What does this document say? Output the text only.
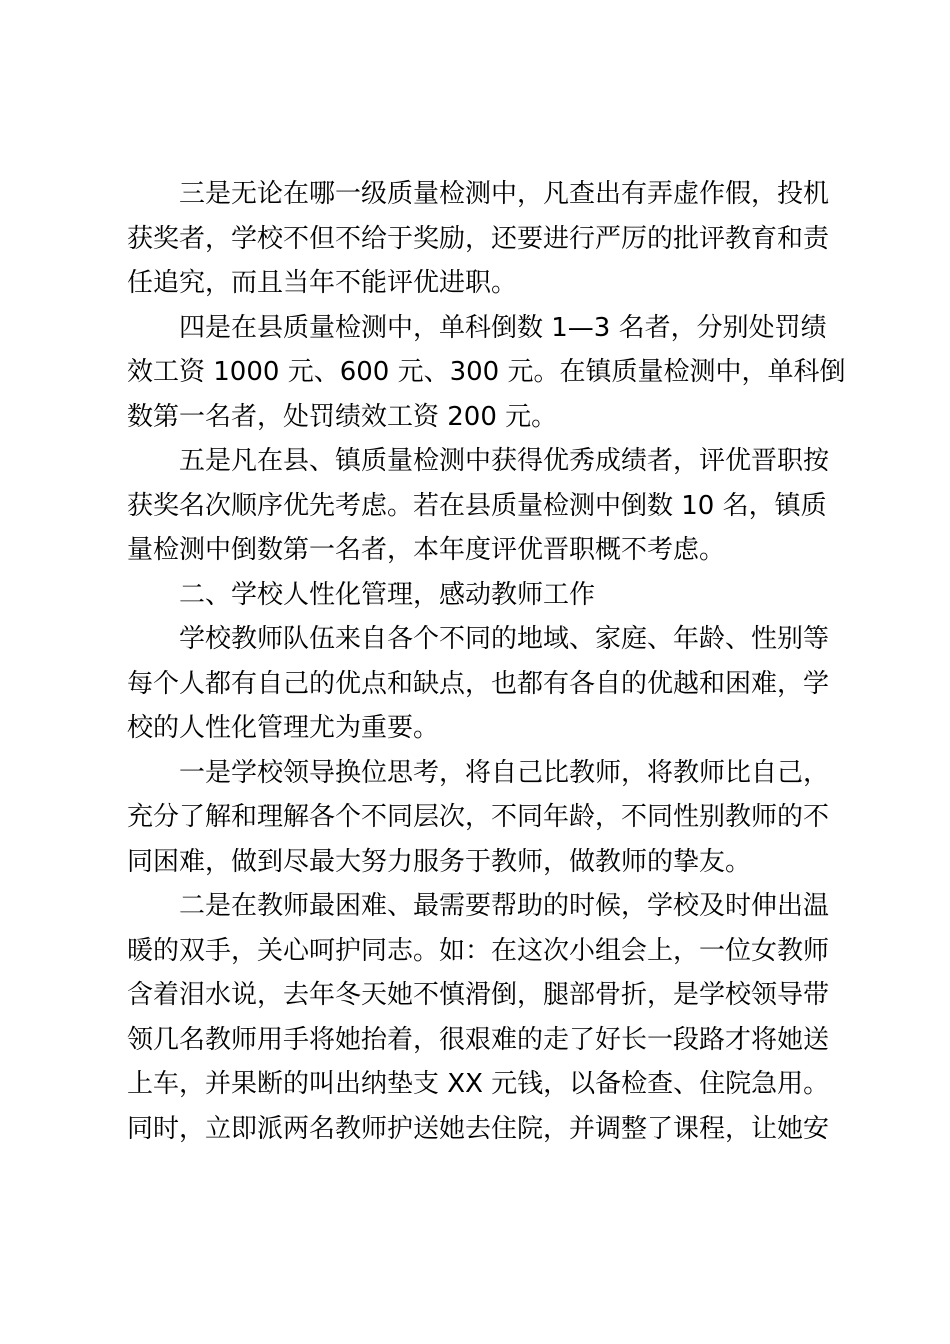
三是无论在哪一级质量检测中，凡查出有弄虚作假，投机
获奖者，学校不但不给于奖励，还要进行严厉的批评教育和责
任追究，而且当年不能评优进职。

四是在县质量检测中，单科倒数 1—3 名者，分别处罚绩
效工资 1000 元、600 元、300 元。在镇质量检测中，单科倒
数第一名者，处罚绩效工资 200 元。

五是凡在县、镇质量检测中获得优秀成绩者，评优晋职按
获奖名次顺序优先考虑。若在县质量检测中倒数 10 名，镇质
量检测中倒数第一名者，本年度评优晋职概不考虑。

二、学校人性化管理，感动教师工作

学校教师队伍来自各个不同的地域、家庭、年龄、性别等
每个人都有自己的优点和缺点，也都有各自的优越和困难，学
校的人性化管理尤为重要。

一是学校领导换位思考，将自己比教师，将教师比自己，
充分了解和理解各个不同层次，不同年龄，不同性别教师的不
同困难，做到尽最大努力服务于教师，做教师的挚友。

二是在教师最困难、最需要帮助的时候，学校及时伸出温
暖的双手，关心呵护同志。如：在这次小组会上，一位女教师
含着泪水说，去年冬天她不慎滑倒，腿部骨折，是学校领导带
领几名教师用手将她抬着，很艰难的走了好长一段路才将她送
上车，并果断的叫出纳垫支 XX 元钱，以备检查、住院急用。
同时，立即派两名教师护送她去住院，并调整了课程，让她安
